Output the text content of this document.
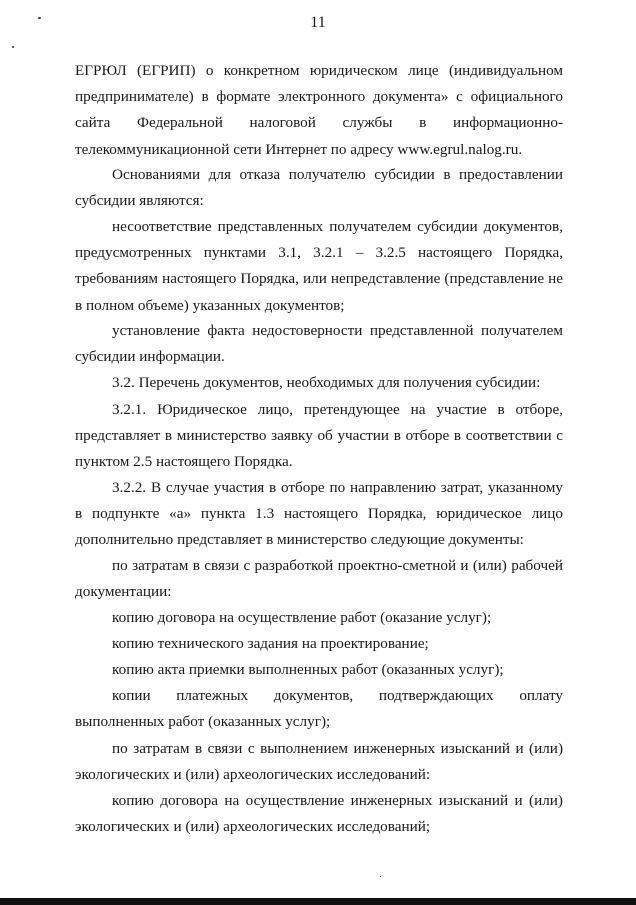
11

ЕГРЮЛ (ЕГРИП) о конкретном юридическом лице (индивидуальном предпринимателе) в формате электронного документа» с официального сайта Федеральной налоговой службы в информационно-телекоммуникационной сети Интернет по адресу www.egrul.nalog.ru.

Основаниями для отказа получателю субсидии в предоставлении субсидии являются:

несоответствие представленных получателем субсидии документов, предусмотренных пунктами 3.1, 3.2.1 – 3.2.5 настоящего Порядка, требованиям настоящего Порядка, или непредставление (представление не в полном объеме) указанных документов;

установление факта недостоверности представленной получателем субсидии информации.

3.2. Перечень документов, необходимых для получения субсидии:

3.2.1. Юридическое лицо, претендующее на участие в отборе, представляет в министерство заявку об участии в отборе в соответствии с пунктом 2.5 настоящего Порядка.

3.2.2. В случае участия в отборе по направлению затрат, указанному в подпункте «а» пункта 1.3 настоящего Порядка, юридическое лицо дополнительно представляет в министерство следующие документы:

по затратам в связи с разработкой проектно-сметной и (или) рабочей документации:

копию договора на осуществление работ (оказание услуг);

копию технического задания на проектирование;

копию акта приемки выполненных работ (оказанных услуг);

копии платежных документов, подтверждающих оплату выполненных работ (оказанных услуг);

по затратам в связи с выполнением инженерных изысканий и (или) экологических и (или) археологических исследований:

копию договора на осуществление инженерных изысканий и (или) экологических и (или) археологических исследований;
